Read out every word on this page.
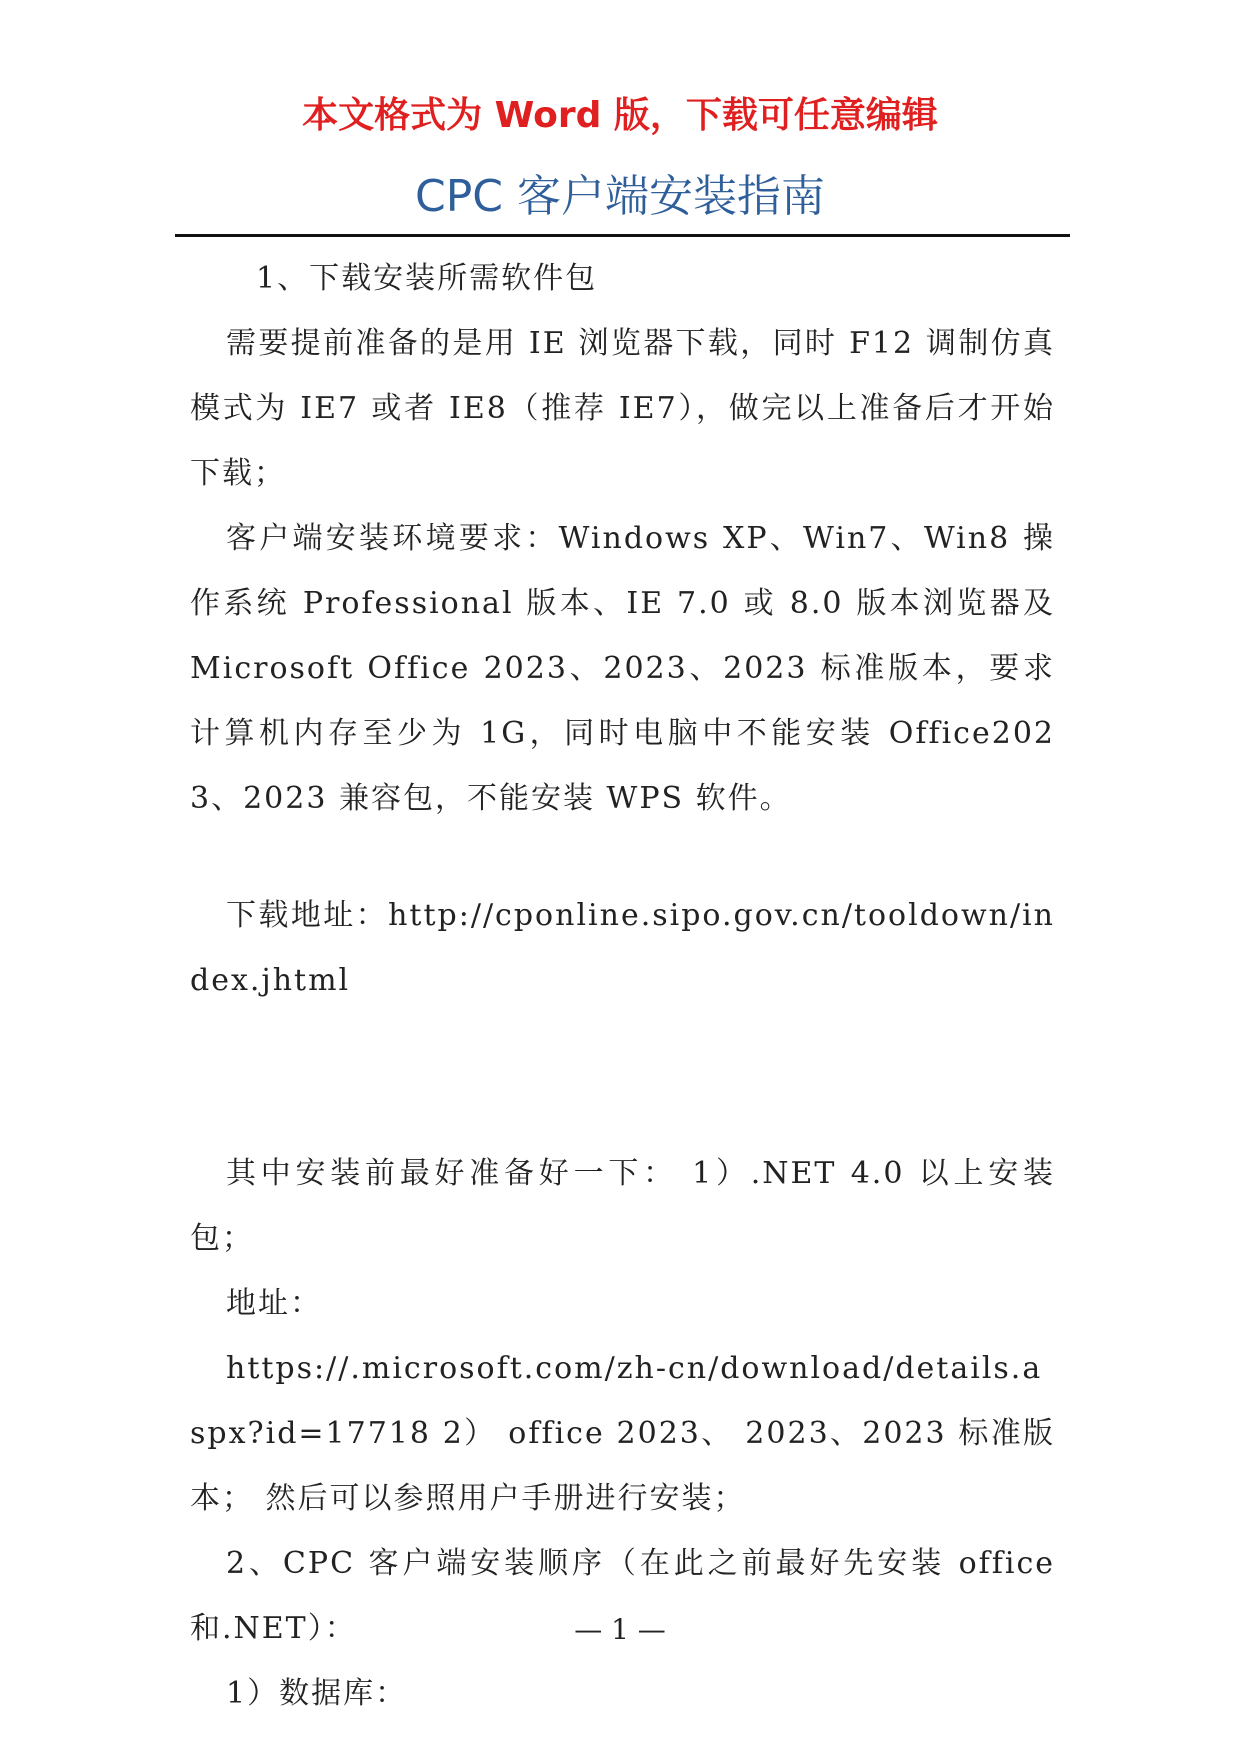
本文格式为 Word 版，下载可任意编辑
CPC 客户端安装指南

1、下载安装所需软件包

需要提前准备的是用 IE 浏览器下载，同时 F12 调制仿真模式为 IE7 或者 IE8（推荐 IE7），做完以上准备后才开始下载；

客户端安装环境要求：Windows XP、Win7、Win8 操作系统 Professional 版本、IE 7.0 或 8.0 版本浏览器及 Microsoft Office 2023、2023、2023 标准版本，要求计算机内存至少为 1G，同时电脑中不能安装 Office2023、2023 兼容包，不能安装 WPS 软件。

下载地址：http://cponline.sipo.gov.cn/tooldown/index.jhtml

其中安装前最好准备好一下： 1）.NET 4.0 以上安装包；

地址：

https://.microsoft.com/zh-cn/download/details.aspx?id=17718 2） office 2023、 2023、2023 标准版本； 然后可以参照用户手册进行安装；

2、CPC 客户端安装顺序（在此之前最好先安装 office 和.NET）：

1）数据库：

— 1 —
